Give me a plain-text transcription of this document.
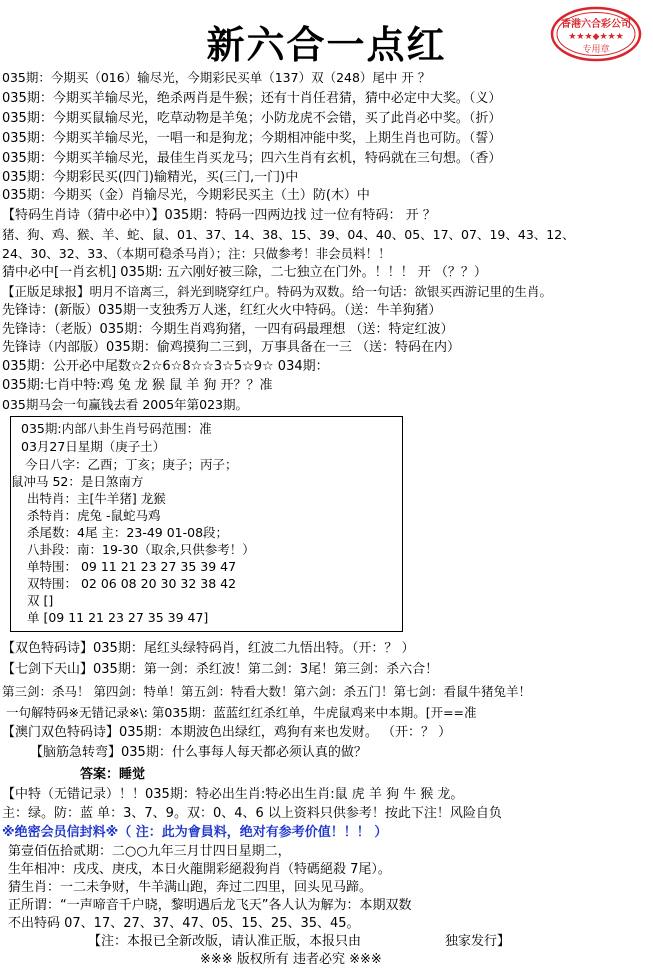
新六合一点红	香港六合彩公司
★★★◆★★★
专用章
035期：今期买（016）输尽光，今期彩民买单（137）双（248）尾中 开 ？
035期：今期买羊输尽光，绝杀两肖是牛猴；还有十肖任君猜，猜中必定中大奖。（义）
035期：今期买鼠输尽光，吃草动物是羊兔；小防龙虎不会错，买了此肖必中奖。（折）
035期：今期买羊输尽光，一唱一和是狗龙；今期相冲能中奖，上期生肖也可防。（誓）
035期：今期买羊输尽光，最佳生肖买龙马；四六生肖有玄机，特码就在三句想。（香）
035期：今期彩民买(四门)输精光，买(三门,一门)中
035期：今期买（金）肖输尽光，今期彩民买主（土）防(木）中
【特码生肖诗（猜中必中）】035期：特码一四两边找 过一位有特码： 开 ？
猪、狗、鸡、猴、羊、蛇、鼠、01、37、14、38、15、39、04、40、05、17、07、19、43、12、
24、30、32、33、（本期可稳杀马肖）；注：只做参考！非会员料！！
猜中必中[一肖玄机] 035期: 五六刚好被三除，二七独立在门外。！！！ 开 （？？）
【正版足球报】明月不谙离三，斜光到晓穿红户。特码为双数。给一句话：欲银买西游记里的生肖。
先锋诗：(新版）035期一支独秀万人迷，红红火火中特码。（送：牛羊狗猪）
先锋诗：（老版）035期：今期生肖鸡狗猪，一四有码最理想 （送：特定红波）
先锋诗（内部版）035期：偷鸡摸狗二三到，万事具备在一三 （送：特码在内）
035期：公开必中尾数☆2☆6☆8☆☆3☆5☆9☆ 034期：
035期:七肖中特:鸡 兔 龙 猴 鼠 羊 狗 开？？准
035期马会一句赢钱去看 2005年第023期。
035期:内部八卦生肖号码范围：准
03月27日星期（庚子土）
今日八字：乙酉；丁亥；庚子；丙子；
鼠冲马 52：是日煞南方
出特肖：主[牛羊猪] 龙猴
杀特肖：虎兔 -鼠蛇马鸡
杀尾数：4尾 主：23-49 01-08段；
八卦段：南：19-30（取余,只供参考！）
单特围： 09 11 21 23 27 35 39 47
双特围： 02 06 08 20 30 32 38 42
双 []
单 [09 11 21 23 27 35 39 47]
【双色特码诗】035期：尾红头绿特码肖，红波二九悟出特。（开：？ ）
【七剑下天山】035期：第一剑：杀红波！第二剑：3尾！第三剑：杀六合！
第三剑：杀马！ 第四剑：特单！第五剑：特看大数！第六剑：杀五门！第七剑：看鼠牛猪兔羊！
一句解特码※无错记录※\: 第035期：蓝蓝红红杀红单，牛虎鼠鸡来中本期。[开==准
【澳门双色特码诗】035期：本期波色出绿红，鸡狗有来也发财。 （开：？ ）
【脑筋急转弯】035期：什么事每人每天都必须认真的做？
答案：睡觉
【中特（无错记录）！！035期：特必出生肖:特必出生肖:鼠 虎 羊 狗 牛 猴 龙。
主：绿。防：蓝 单：3、7、9。双：0、4、6 以上资料只供参考！按此下注！风险自负
※绝密会员信封料※（ 注：此为會員料，绝对有参考价值！！！ ）
第壹佰伍拾贰期：二○○九年三月廿四日星期二，
生年相冲：戌戌、庚戌，本日火龍開彩絕殺狗肖（特碼絕殺 7尾）。
猜生肖：一二未争财，牛羊满山跑，奔过二四里，回头见马蹄。
正所谓：“一声啼音千户晓，黎明遇后龙飞天”各人认为解为：本期双数
不出特码 07、17、27、37、47、05、15、25、35、45。
【注：本报已全新改版，请认准正版，本报只由	独家发行】
※※※ 版权所有 违者必究 ※※※
